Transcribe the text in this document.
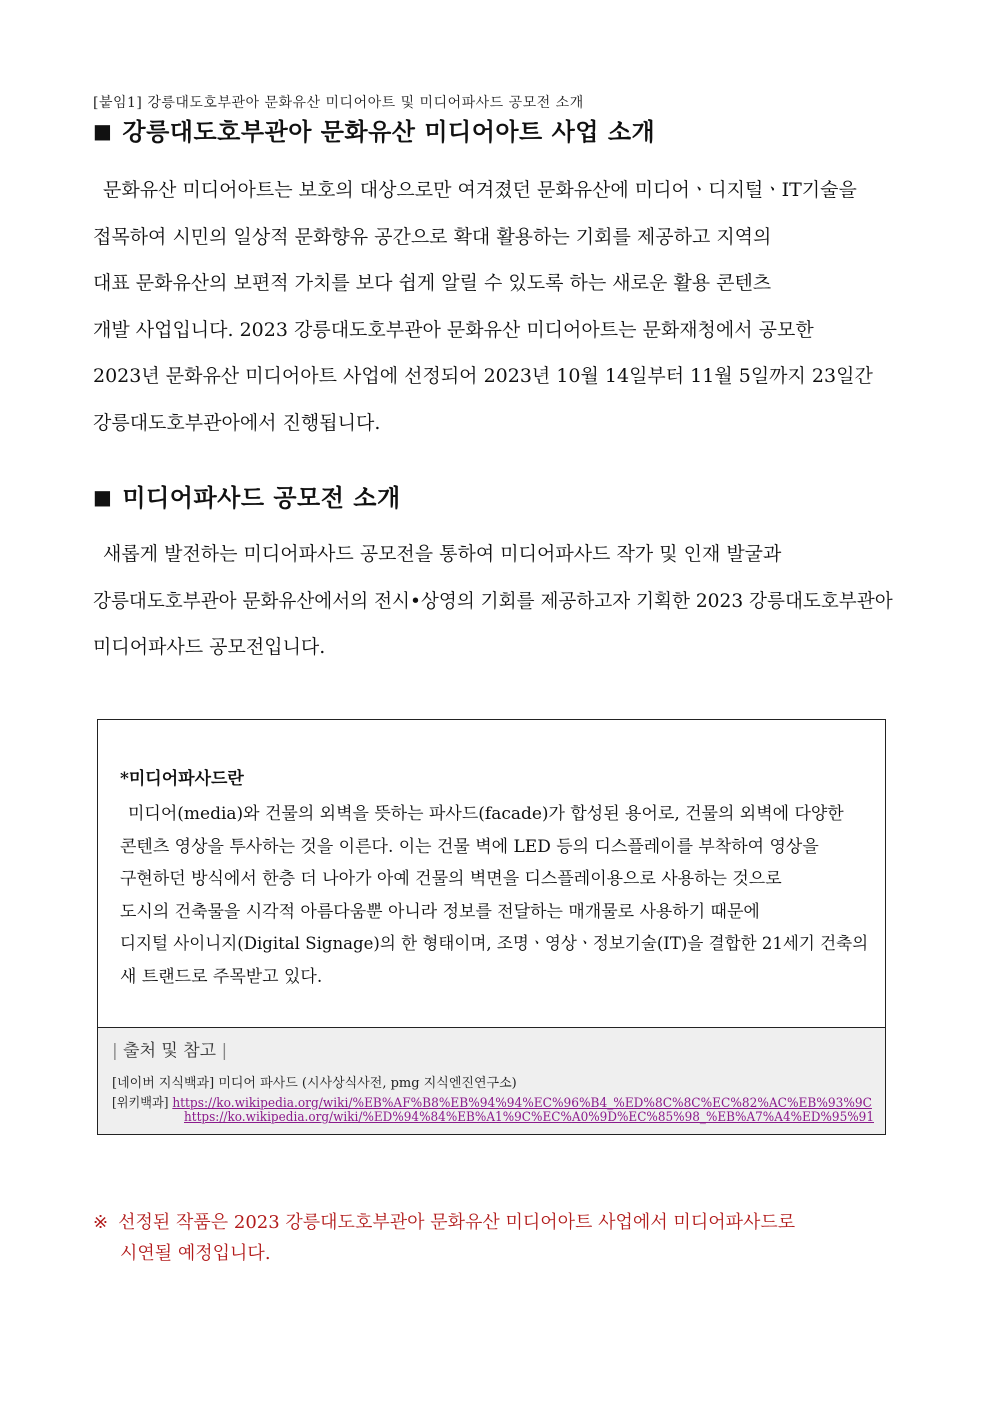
[붙임1] 강릉대도호부관아 문화유산 미디어아트 및 미디어파사드 공모전 소개
■ 강릉대도호부관아 문화유산 미디어아트 사업 소개
문화유산 미디어아트는 보호의 대상으로만 여겨졌던 문화유산에 미디어ㆍ디지털ㆍIT기술을
접목하여 시민의 일상적 문화향유 공간으로 확대 활용하는 기회를 제공하고 지역의
대표 문화유산의 보편적 가치를 보다 쉽게 알릴 수 있도록 하는 새로운 활용 콘텐츠
개발 사업입니다. 2023 강릉대도호부관아 문화유산 미디어아트는 문화재청에서 공모한
2023년 문화유산 미디어아트 사업에 선정되어 2023년 10월 14일부터 11월 5일까지 23일간
강릉대도호부관아에서 진행됩니다.
■ 미디어파사드 공모전 소개
새롭게 발전하는 미디어파사드 공모전을 통하여 미디어파사드 작가 및 인재 발굴과
강릉대도호부관아 문화유산에서의 전시•상영의 기회를 제공하고자 기획한 2023 강릉대도호부관아
미디어파사드 공모전입니다.
*미디어파사드란
미디어(media)와 건물의 외벽을 뜻하는 파사드(facade)가 합성된 용어로, 건물의 외벽에 다양한
콘텐츠 영상을 투사하는 것을 이른다. 이는 건물 벽에 LED 등의 디스플레이를 부착하여 영상을
구현하던 방식에서 한층 더 나아가 아예 건물의 벽면을 디스플레이용으로 사용하는 것으로
도시의 건축물을 시각적 아름다움뿐 아니라 정보를 전달하는 매개물로 사용하기 때문에
디지털 사이니지(Digital Signage)의 한 형태이며, 조명ㆍ영상ㆍ정보기술(IT)을 결합한 21세기 건축의
새 트랜드로 주목받고 있다.
| 출처 및 참고 |
[네이버 지식백과] 미디어 파사드 (시사상식사전, pmg 지식엔진연구소)
[위키백과] https://ko.wikipedia.org/wiki/%EB%AF%B8%EB%94%94%EC%96%B4_%ED%8C%8C%EC%82%AC%EB%93%9C
https://ko.wikipedia.org/wiki/%ED%94%84%EB%A1%9C%EC%A0%9D%EC%85%98_%EB%A7%A4%ED%95%91
※ 선정된 작품은 2023 강릉대도호부관아 문화유산 미디어아트 사업에서 미디어파사드로
시연될 예정입니다.
